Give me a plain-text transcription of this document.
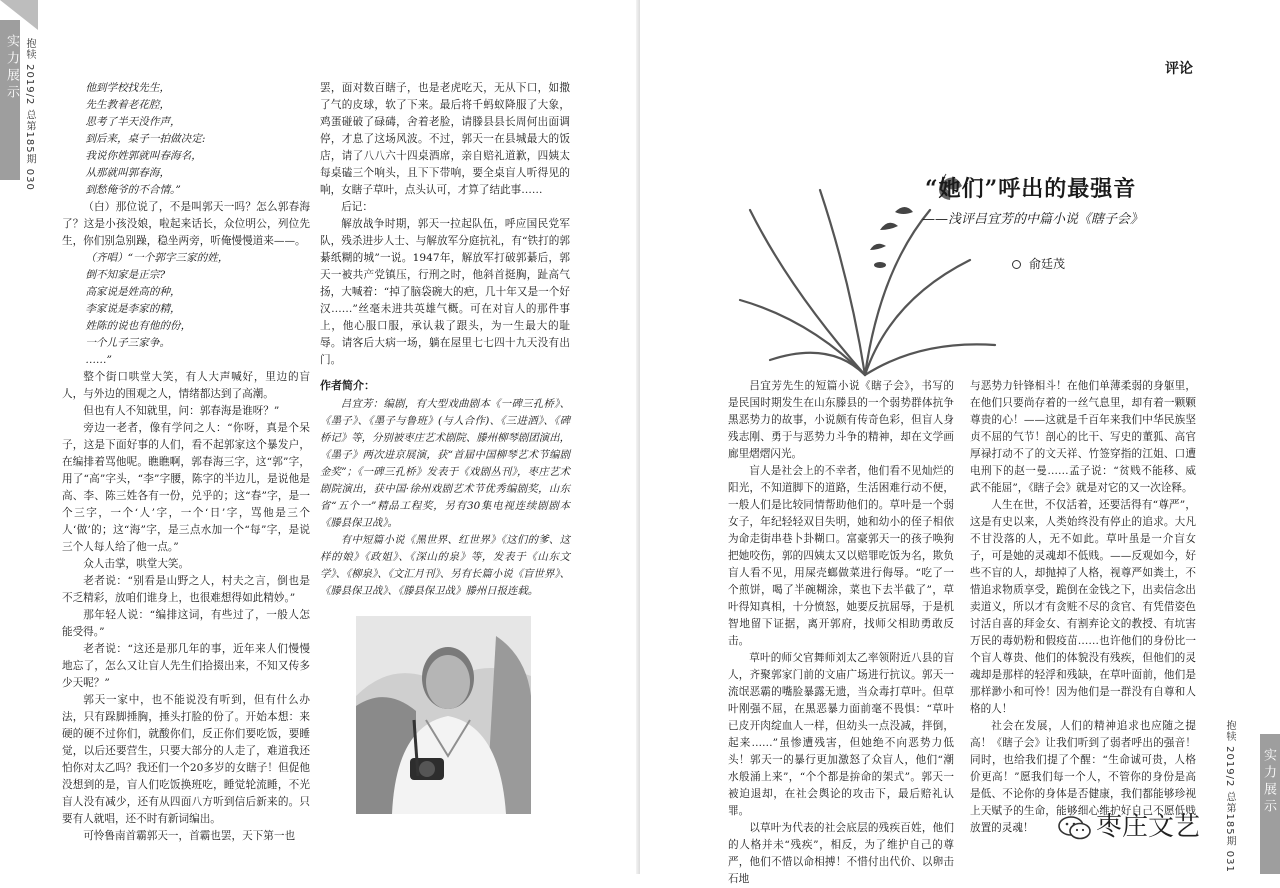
实力展示 抱犊 2019/2 总第185期 030	他到学校找先生，
先生教着老花腔，
思考了半天没作声，
到后来，桌子一拍做决定:
我说你姓郭就叫春海名，
从那就叫郭春海，
到愁俺爷的不合情。”

（白）那位说了，不是叫郭天一吗？怎么郭春海了？这是小孩没娘，啦起来话长，众位明公，列位先生，你们别急别躁，稳坐两旁，听俺慢慢道来——。

（齐唱）“一个郭字三家的姓，
倒不知家是正宗?
高家说是姓高的种，
李家说是李家的精，
姓陈的说也有他的份，
一个儿子三家争。
……”

整个街口哄堂大笑，有人大声喊好，里边的盲人，与外边的围观之人，情绪都达到了高潮。

但也有人不知就里，问：郭春海是谁呀？”

旁边一老者，像有学问之人：“你呀，真是个呆子，这是下面好事的人们，看不起郭家这个暴发户，在编排着骂他呢。瞧瞧啊，郭春海三字，这“郭”字，用了“高”字头，“李”字腰，陈字的半边儿，是说他是高、李、陈三姓各有一份，兑乎的；这“春”字，是一个三字，一个‘人’字，一个‘日’字，骂他是三个人‘做’的；这“海”字，是三点水加一个“每”字，是说三个人每人给了他一点。”

众人击掌，哄堂大笑。

老者说：“别看是山野之人，村夫之言，倒也是不乏精彩，放咱们谁身上，也很难想得如此精妙。”

那年轻人说：“编排这词，有些过了，一般人怎能受得。”

老者说：“这还是那几年的事，近年来人们慢慢地忘了，怎么又让盲人先生们拾掇出来，不知又传多少天呢？”

郭天一家中，也不能说没有听到，但有什么办法，只有跺脚捶胸，捶头打脸的份了。开始本想：来硬的硬不过你们，就酸你们，反正你们要吃饭，要睡觉，以后还要营生，只要大部分的人走了，难道我还怕你对太乙吗？我还们一个20多岁的女瞎子！但促他没想到的是，盲人们吃饭换班吃，睡觉轮流睡，不光盲人没有减少，还有从四面八方听到信后新来的。只要有人就唱，还不时有新词编出。

可怜鲁南首霸郭天一，首霸也罢，天下第一也

罢，面对数百瞎子，也是老虎吃天，无从下口，如撒了气的皮球，软了下来。最后将千蚂蚁降服了大象，鸡蛋碰破了碌碡，舍着老脸，请滕县县长周何出面调停，才息了这场风波。不过，郭天一在县城最大的饭店，请了八八六十四桌酒席，亲自赔礼道歉，四姨太每桌磕三个响头，且下下带响，要全桌盲人听得见的响，女瞎子草叶，点头认可，才算了结此事……

后记：

解放战争时期，郭天一拉起队伍，呼应国民党军队，残杀进步人士、与解放军分庭抗礼，有“铁打的郭綦纸糊的城”一说。1947年，解放军打破郭綦后，郭天一被共产党镇压，行刑之时，他斜首挺胸，趾高气扬，大喊着：“掉了脑袋碗大的疤，几十年又是一个好汉……”丝毫未进共英雄气概。可在对盲人的那件事上，他心服口服，承认栽了跟头，为一生最大的耻辱。请客后大病一场，躺在屋里七七四十九天没有出门。

作者简介：

吕宜芳：编剧，有大型戏曲剧本《一碑三孔桥》、《墨子》、《墨子与鲁班》(与人合作)、《三进酒》、《碑桥记》等，分别被枣庄艺术剧院、滕州柳琴剧团演出，《墨子》两次进京展演，获“首届中国柳琴艺术节编剧金奖”；《一碑三孔桥》发表于《戏剧丛刊》，枣庄艺术剧院演出，获中国·徐州戏剧艺术节优秀编剧奖，山东省“五个一”精品工程奖，另有30集电视连续剧剧本《滕县保卫战》。

有中短篇小说《黑世界、红世界》《这们的爹、这样的娘》《政姐》、《深山的泉》等，发表于《山东文学》、《柳泉》、《文汇月刊》、另有长篇小说《盲世界》、《滕县保卫战》、《滕县保卫战》滕州日报连载。

评论
“她们”呼出的最强音
——浅评吕宜芳的中篇小说《瞎子会》
俞廷茂

吕宜芳先生的短篇小说《瞎子会》，书写的是民国时期发生在山东滕县的一个弱势群体抗争黑恶势力的故事，小说颇有传奇色彩，但盲人身残志刚、勇于与恶势力斗争的精神，却在文学画廊里熠熠闪光。

盲人是社会上的不幸者，他们看不见灿烂的阳光，不知道脚下的道路，生活困难行动不便，一般人们是比较同情帮助他们的。草叶是一个弱女子，年纪轻轻双目失明，她和幼小的侄子相依为命走街串巷卜卦糊口。富豪郭天一的孩子唤狗把她咬伤，郭的四姨太又以赔罪吃饭为名，欺负盲人看不见，用屎壳螂做菜进行侮辱。“吃了一个煎饼，喝了半碗糊涂，菜也下去半截了”，草叶得知真相，十分愤怒，她要反抗屈辱，于是机智地留下证据，离开郭府，找师父相助勇敢反击。

草叶的师父官舞师刘太乙率领附近八县的盲人，齐聚郭家门前的文庙广场进行抗议。郭天一流氓恶霸的嘴脸暴露无遗，当众毒打草叶。但草叶刚强不屈，在黑恶暴力面前毫不畏惧：“草叶已皮开肉绽血人一样，但幼头一点没减，拌倒，起来……”虽惨遭残害，但她绝不向恶势力低头！郭天一的暴行更加激怒了众盲人，他们“潮水般涌上来”，“个个都是拚命的架式”。郭天一被迫退却，在社会舆论的攻击下，最后赔礼认罪。

以草叶为代表的社会底层的残疾百姓，他们的人格并未“残疾”，相反，为了维护自己的尊严，他们不惜以命相搏！不惜付出代价、以卵击石地

与恶势力针锋相斗！在他们单薄柔弱的身躯里，在他们只要尚存着的一丝气息里，却有着一颗颗尊贵的心！——这就是千百年来我们中华民族坚贞不屈的气节！剖心的比干、写史的董狐、高官厚禄打动不了的文天祥、竹签穿指的江姐、口遭电刑下的赵一曼……孟子说：“贫贱不能移、威武不能屈”，《瞎子会》就是对它的又一次诠释。

人生在世，不仅活着，还要活得有“尊严”，这是有史以来，人类始终没有停止的追求。大凡不甘没落的人，无不如此。草叶虽是一介盲女子，可是她的灵魂却不低贱。——反观如今，好些不盲的人，却抛掉了人格，视尊严如粪土，不惜追求物质享受，跪倒在金钱之下，出卖信念出卖道义，所以才有贪赃不尽的贪官、有凭借姿色讨活自喜的拜金女、有割弃论文的教授、有坑害万民的毒奶粉和假疫苗……也许他们的身份比一个盲人尊贵、他们的体貌没有残疾，但他们的灵魂却是那样的轻浮和残缺，在草叶面前，他们是那样渺小和可怜！因为他们是一群没有自尊和人格的人！

社会在发展，人们的精神追求也应随之提高！《瞎子会》让我们听到了弱者呼出的强音！同时，也给我们提了个醒：“生命诚可贵，人格价更高！”愿我们每一个人，不管你的身份是高是低、不论你的身体是否健康，我们都能够珍视上天赋予的生命，能够细心维护好自己不愿低贱放置的灵魂！	抱犊 2019/2 总第185期 031 实力展示
枣庄文艺
